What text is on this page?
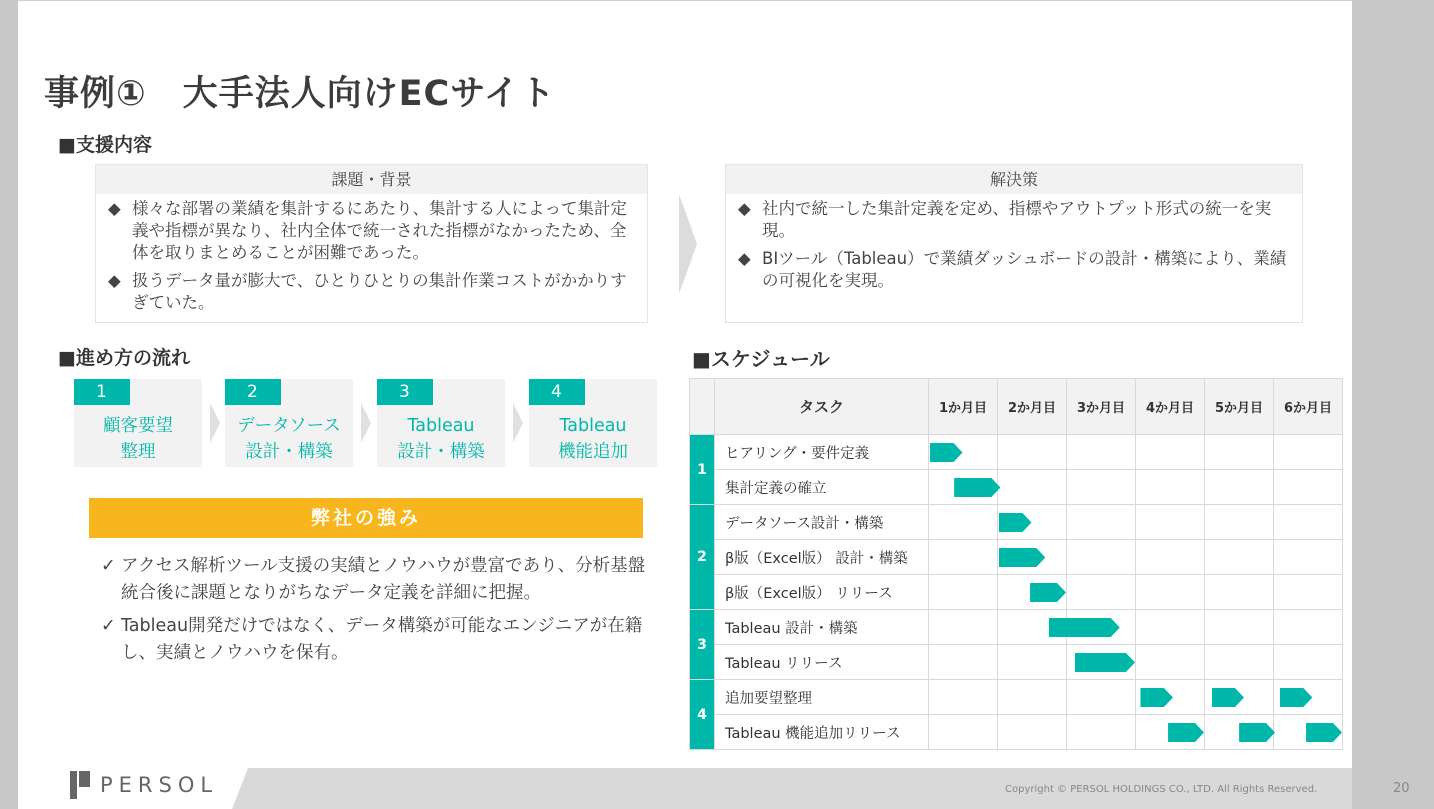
事例①　大手法人向けECサイト
■支援内容
課題・背景
◆ 様々な部署の業績を集計するにあたり、集計する人によって集計定義や指標が異なり、社内全体で統一された指標がなかったため、全体を取りまとめることが困難であった。
◆ 扱うデータ量が膨大で、ひとりひとりの集計作業コストがかかりすぎていた。
解決策
◆ 社内で統一した集計定義を定め、指標やアウトプット形式の統一を実現。
◆ BIツール（Tableau）で業績ダッシュボードの設計・構築により、業績の可視化を実現。
■進め方の流れ	■スケジュール
1
顧客要望
整理
2
データソース
設計・構築
3
Tableau
設計・構築
4
Tableau
機能追加
弊社の強み
✓ アクセス解析ツール支援の実績とノウハウが豊富であり、分析基盤統合後に課題となりがちなデータ定義を詳細に把握。
✓ Tableau開発だけではなく、データ構築が可能なエンジニアが在籍し、実績とノウハウを保有。
	タスク	1か月目	2か月目	3か月目	4か月目	5か月目	6か月目
1	ヒアリング・要件定義	

	集計定義の確立	

2	データソース設計・構築		

	β版（Excel版） 設計・構築		

	β版（Excel版） リリース		

3	Tableau 設計・構築		

	Tableau リリース			

4	追加要望整理				

	Tableau 機能追加リリース				

PERSOL	Copyright © PERSOL HOLDINGS CO., LTD. All Rights Reserved.	20
